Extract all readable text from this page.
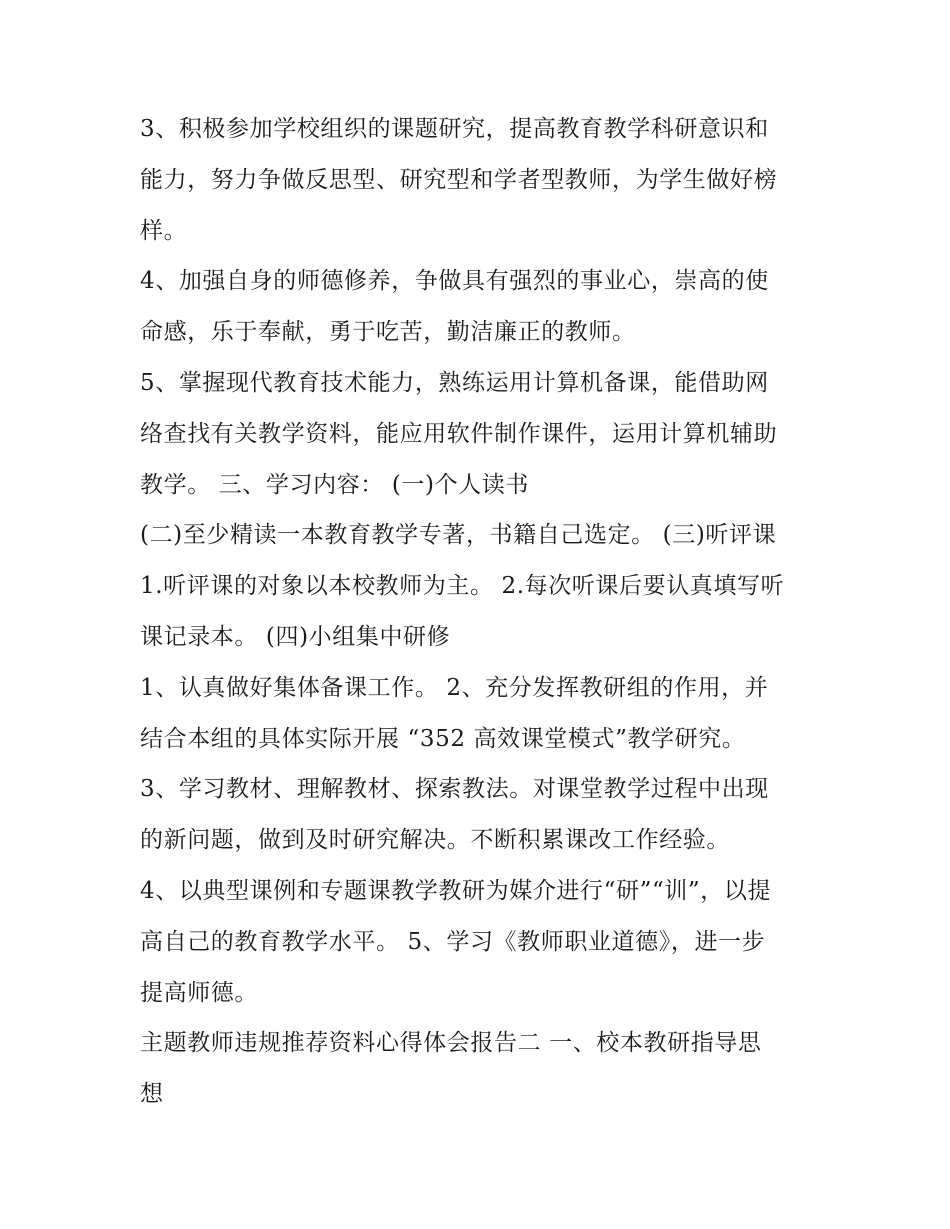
3、积极参加学校组织的课题研究，提高教育教学科研意识和
能力，努力争做反思型、研究型和学者型教师，为学生做好榜
样。
4、加强自身的师德修养，争做具有强烈的事业心，崇高的使
命感，乐于奉献，勇于吃苦，勤洁廉正的教师。
5、掌握现代教育技术能力，熟练运用计算机备课，能借助网
络查找有关教学资料，能应用软件制作课件，运用计算机辅助
教学。 三、学习内容： (一)个人读书
(二)至少精读一本教育教学专著，书籍自己选定。 (三)听评课
1.听评课的对象以本校教师为主。 2.每次听课后要认真填写听
课记录本。 (四)小组集中研修
1、认真做好集体备课工作。 2、充分发挥教研组的作用，并
结合本组的具体实际开展 “352 高效课堂模式”教学研究。
3、学习教材、理解教材、探索教法。对课堂教学过程中出现
的新问题，做到及时研究解决。不断积累课改工作经验。
4、以典型课例和专题课教学教研为媒介进行“研”“训”，以提
高自己的教育教学水平。 5、学习《教师职业道德》，进一步
提高师德。
主题教师违规推荐资料心得体会报告二 一、校本教研指导思
想
